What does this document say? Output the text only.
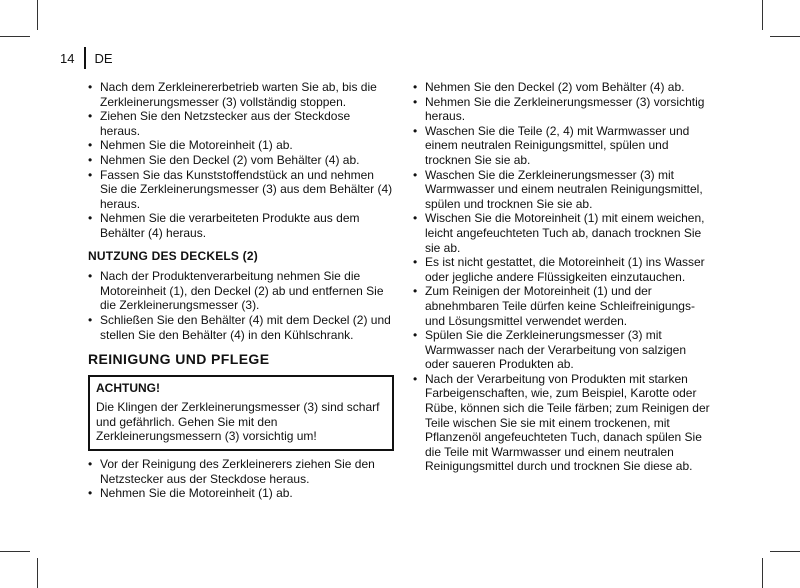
14 DE
• Nach dem Zerkleinererbetrieb warten Sie ab, bis die Zerkleinerungsmesser (3) vollständig stoppen.
• Ziehen Sie den Netzstecker aus der Steckdose heraus.
• Nehmen Sie die Motoreinheit (1) ab.
• Nehmen Sie den Deckel (2) vom Behälter (4) ab.
• Fassen Sie das Kunststoffendstück an und nehmen Sie die Zerkleinerungsmesser (3) aus dem Behälter (4) heraus.
• Nehmen Sie die verarbeiteten Produkte aus dem Behälter (4) heraus.
NUTZUNG DES DECKELS (2)
• Nach der Produktenverarbeitung nehmen Sie die Motoreinheit (1), den Deckel (2) ab und entfernen Sie die Zerkleinerungsmesser (3).
• Schließen Sie den Behälter (4) mit dem Deckel (2) und stellen Sie den Behälter (4) in den Kühlschrank.
REINIGUNG UND PFLEGE
ACHTUNG!
Die Klingen der Zerkleinerungsmesser (3) sind scharf und gefährlich. Gehen Sie mit den Zerkleinerungsmessern (3) vorsichtig um!
• Vor der Reinigung des Zerkleinerers ziehen Sie den Netzstecker aus der Steckdose heraus.
• Nehmen Sie die Motoreinheit (1) ab.
• Nehmen Sie den Deckel (2) vom Behälter (4) ab.
• Nehmen Sie die Zerkleinerungsmesser (3) vorsichtig heraus.
• Waschen Sie die Teile (2, 4) mit Warmwasser und einem neutralen Reinigungsmittel, spülen und trocknen Sie sie ab.
• Waschen Sie die Zerkleinerungsmesser (3) mit Warmwasser und einem neutralen Reinigungsmittel, spülen und trocknen Sie sie ab.
• Wischen Sie die Motoreinheit (1) mit einem weichen, leicht angefeuchteten Tuch ab, danach trocknen Sie sie ab.
• Es ist nicht gestattet, die Motoreinheit (1) ins Wasser oder jegliche andere Flüssigkeiten einzutauchen.
• Zum Reinigen der Motoreinheit (1) und der abnehmbaren Teile dürfen keine Schleifreinigungs- und Lösungsmittel verwendet werden.
• Spülen Sie die Zerkleinerungsmesser (3) mit Warmwasser nach der Verarbeitung von salzigen oder saueren Produkten ab.
• Nach der Verarbeitung von Produkten mit starken Farbeigenschaften, wie, zum Beispiel, Karotte oder Rübe, können sich die Teile färben; zum Reinigen der Teile wischen Sie sie mit einem trockenen, mit Pflanzenöl angefeuchteten Tuch, danach spülen Sie die Teile mit Warmwasser und einem neutralen Reinigungsmittel durch und trocknen Sie diese ab.
